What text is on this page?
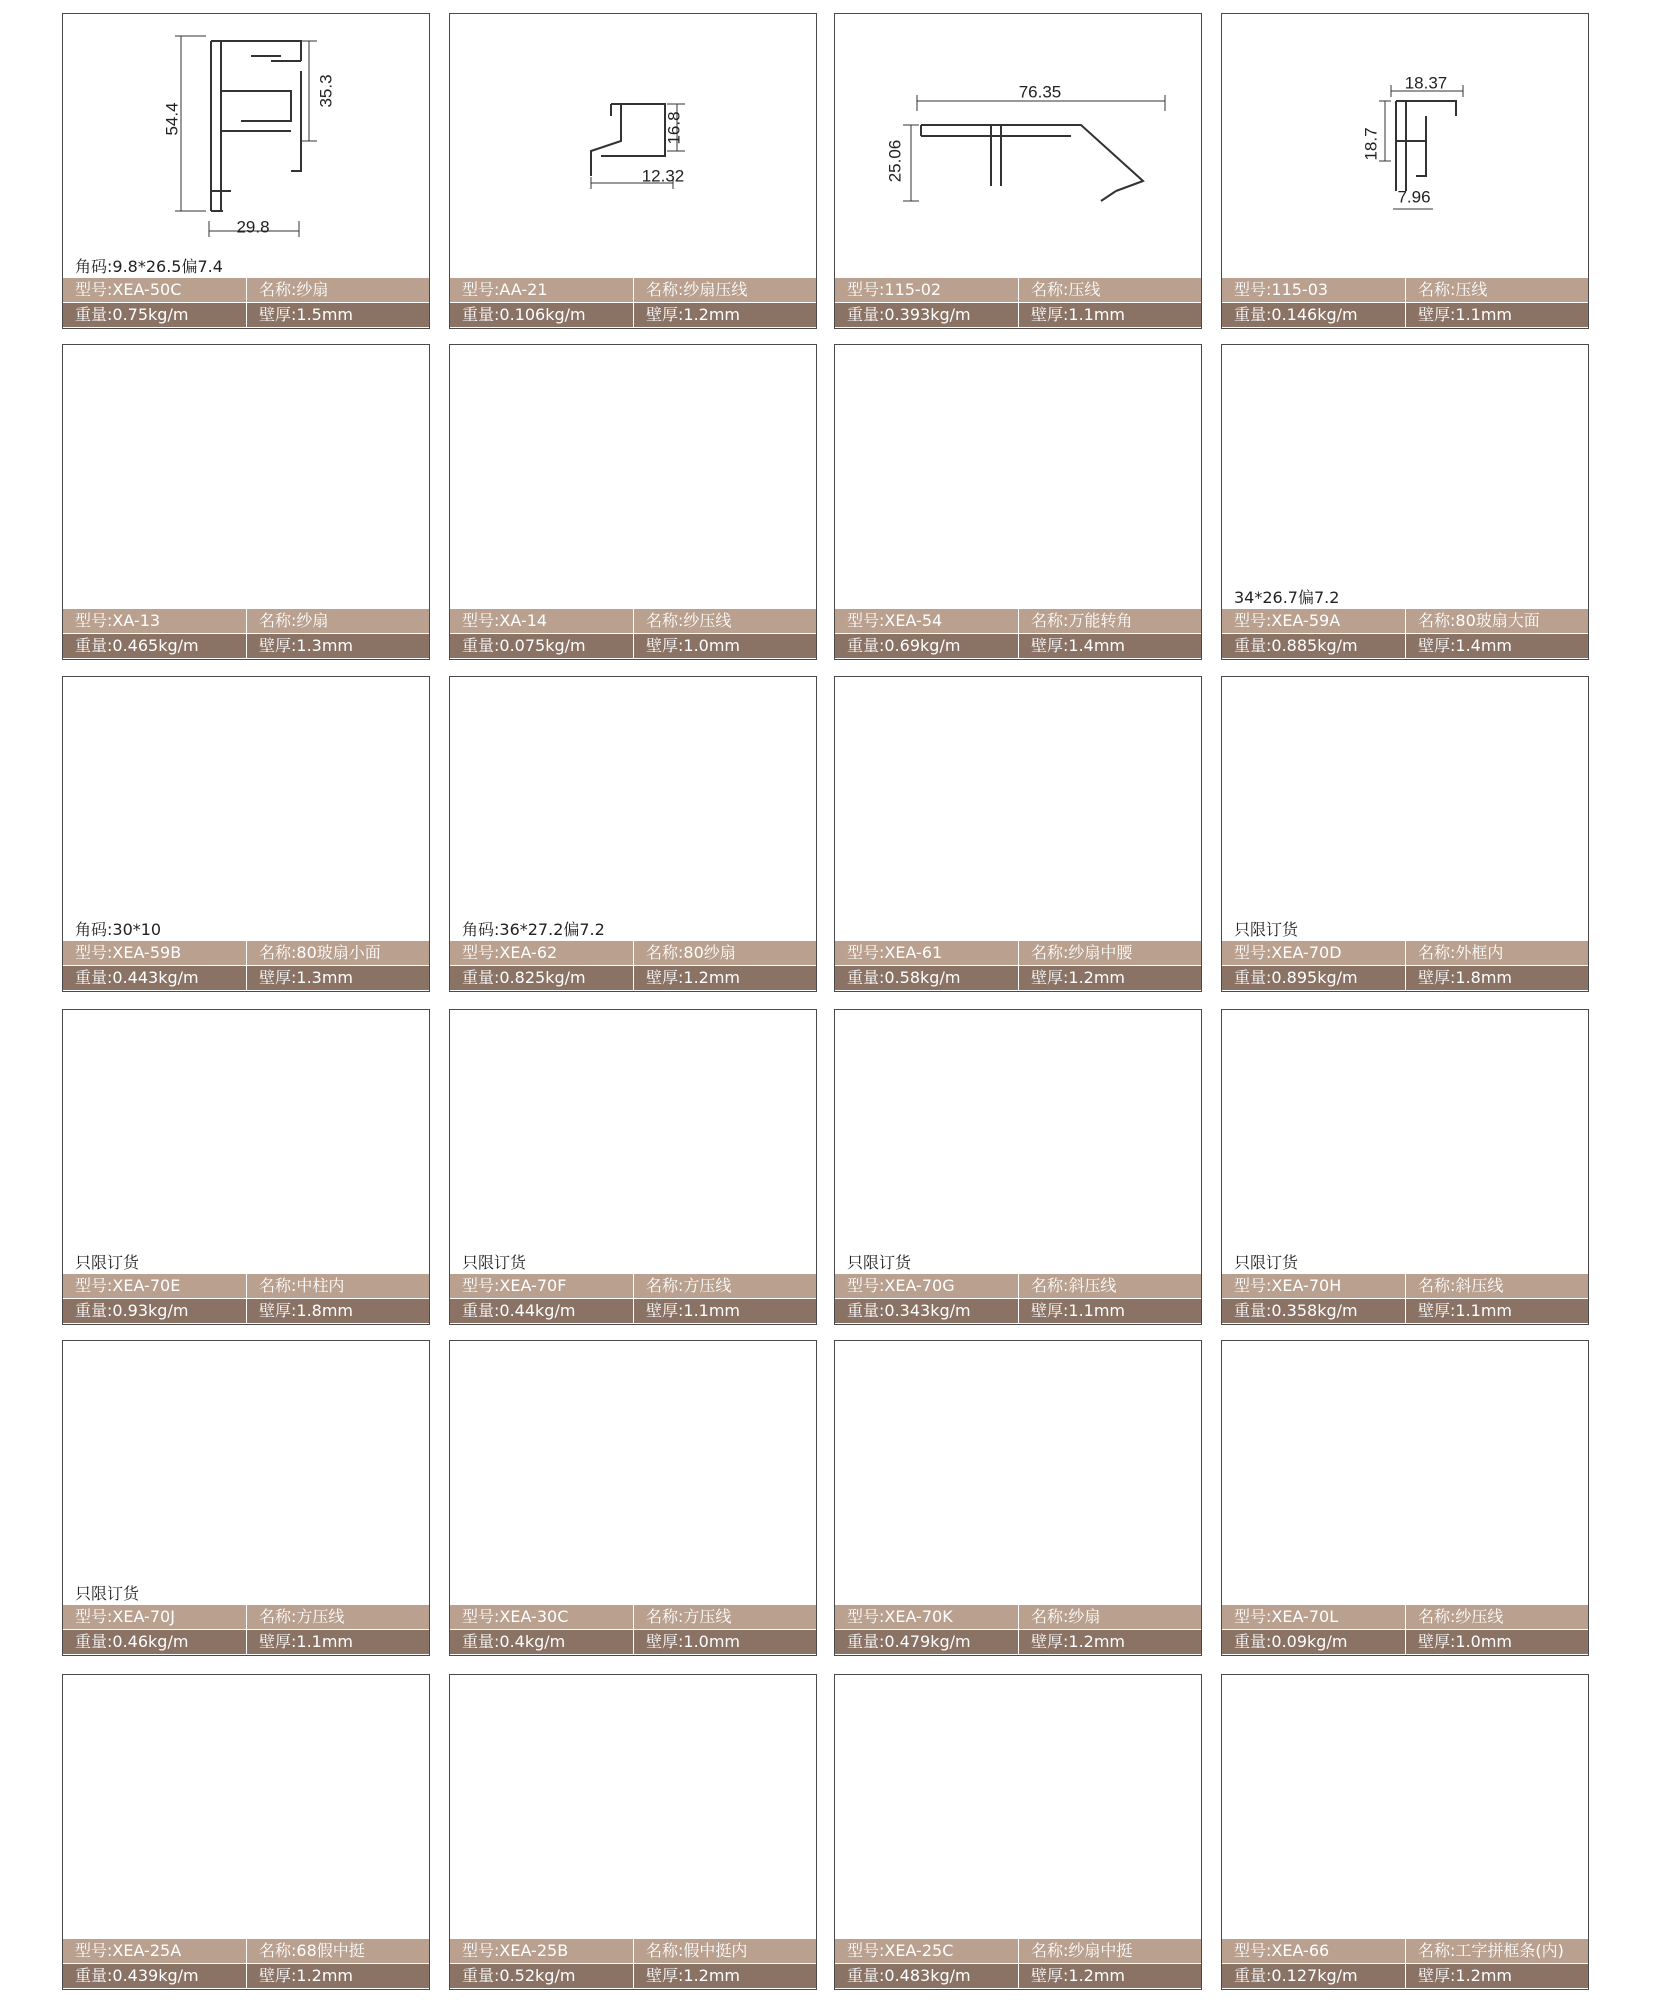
54.4
35.3
29.8
角码:9.8*26.5偏7.4
型号:XEA-50C	名称:纱扇
重量:0.75kg/m	壁厚:1.5mm
16.8
12.32
型号:AA-21	名称:纱扇压线
重量:0.106kg/m	壁厚:1.2mm
76.35
25.06
型号:115-02	名称:压线
重量:0.393kg/m	壁厚:1.1mm
18.37
18.7
7.96
型号:115-03	名称:压线
重量:0.146kg/m	壁厚:1.1mm
型号:XA-13	名称:纱扇
重量:0.465kg/m	壁厚:1.3mm
型号:XA-14	名称:纱压线
重量:0.075kg/m	壁厚:1.0mm
型号:XEA-54	名称:万能转角
重量:0.69kg/m	壁厚:1.4mm
34*26.7偏7.2
型号:XEA-59A	名称:80玻扇大面
重量:0.885kg/m	壁厚:1.4mm
角码:30*10
型号:XEA-59B	名称:80玻扇小面
重量:0.443kg/m	壁厚:1.3mm
角码:36*27.2偏7.2
型号:XEA-62	名称:80纱扇
重量:0.825kg/m	壁厚:1.2mm
型号:XEA-61	名称:纱扇中腰
重量:0.58kg/m	壁厚:1.2mm
只限订货
型号:XEA-70D	名称:外框内
重量:0.895kg/m	壁厚:1.8mm
只限订货
型号:XEA-70E	名称:中柱内
重量:0.93kg/m	壁厚:1.8mm
只限订货
型号:XEA-70F	名称:方压线
重量:0.44kg/m	壁厚:1.1mm
只限订货
型号:XEA-70G	名称:斜压线
重量:0.343kg/m	壁厚:1.1mm
只限订货
型号:XEA-70H	名称:斜压线
重量:0.358kg/m	壁厚:1.1mm
只限订货
型号:XEA-70J	名称:方压线
重量:0.46kg/m	壁厚:1.1mm
型号:XEA-30C	名称:方压线
重量:0.4kg/m	壁厚:1.0mm
型号:XEA-70K	名称:纱扇
重量:0.479kg/m	壁厚:1.2mm
型号:XEA-70L	名称:纱压线
重量:0.09kg/m	壁厚:1.0mm
型号:XEA-25A	名称:68假中挺
重量:0.439kg/m	壁厚:1.2mm
型号:XEA-25B	名称:假中挺内
重量:0.52kg/m	壁厚:1.2mm
型号:XEA-25C	名称:纱扇中挺
重量:0.483kg/m	壁厚:1.2mm
型号:XEA-66	名称:工字拼框条(内)
重量:0.127kg/m	壁厚:1.2mm
